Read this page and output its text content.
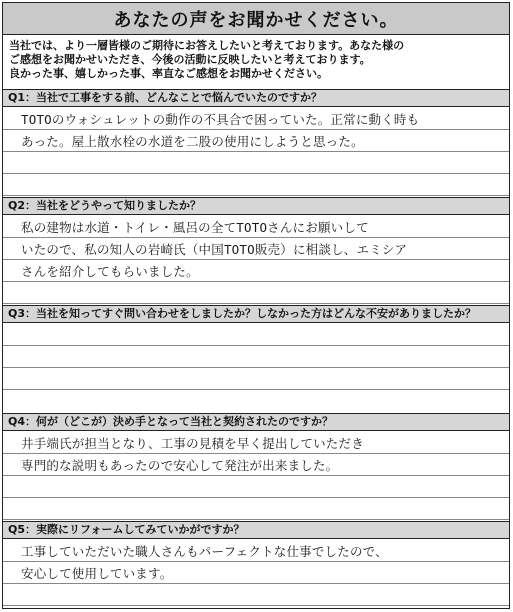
あなたの声をお聞かせください。
当社では、より一層皆様のご期待にお答えしたいと考えております。あなた様の
ご感想をお聞かせいただき、今後の活動に反映したいと考えております。
良かった事、嬉しかった事、率直なご感想をお聞かせください。
Q1：当社で工事をする前、どんなことで悩んでいたのですか？
TOTOのウォシュレットの動作の不具合で困っていた。正常に動く時も
あった。屋上散水栓の水道を二股の使用にしようと思った。
Q2：当社をどうやって知りましたか？
私の建物は水道・トイレ・風呂の全てTOTOさんにお願いして
いたので、私の知人の岩崎氏（中国TOTO販売）に相談し、エミシア
さんを紹介してもらいました。
Q3：当社を知ってすぐ問い合わせをしましたか？しなかった方はどんな不安がありましたか？
Q4：何が（どこが）決め手となって当社と契約されたのですか？
井手端氏が担当となり、工事の見積を早く提出していただき
専門的な説明もあったので安心して発注が出来ました。
Q5：実際にリフォームしてみていかがですか？
工事していただいた職人さんもパーフェクトな仕事でしたので、
安心して使用しています。
